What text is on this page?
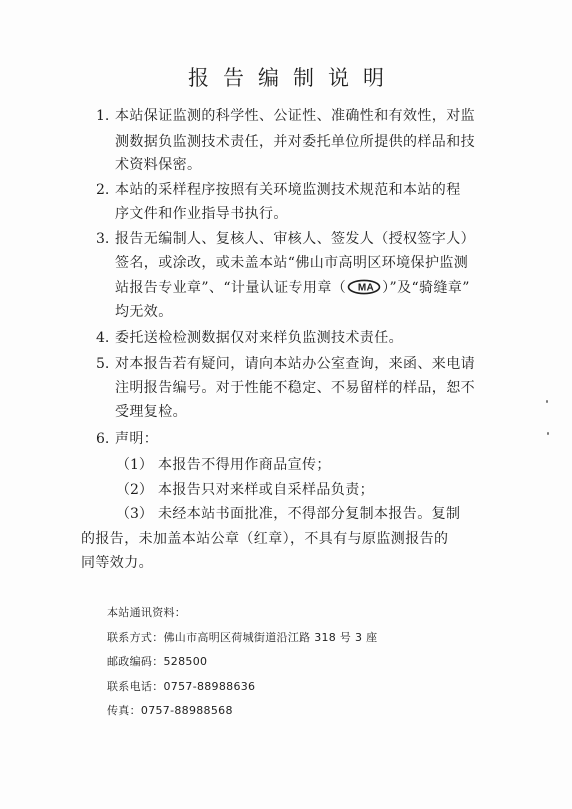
报告编制说明
1. 本站保证监测的科学性、公证性、准确性和有效性，对监
测数据负监测技术责任，并对委托单位所提供的样品和技
术资料保密。
2. 本站的采样程序按照有关环境监测技术规范和本站的程
序文件和作业指导书执行。
3. 报告无编制人、复核人、审核人、签发人（授权签字人）
签名，或涂改，或未盖本站“佛山市高明区环境保护监测
站报告专业章”、“计量认证专用章（ MA ）”及“骑缝章”
均无效。
4. 委托送检检测数据仅对来样负监测技术责任。
5. 对本报告若有疑问，请向本站办公室查询，来函、来电请
注明报告编号。对于性能不稳定、不易留样的样品，恕不
受理复检。
6. 声明：
（1） 本报告不得用作商品宣传；
（2） 本报告只对来样或自采样品负责；
（3） 未经本站书面批准，不得部分复制本报告。复制
的报告，未加盖本站公章（红章），不具有与原监测报告的
同等效力。
本站通讯资料：
联系方式：佛山市高明区荷城街道沿江路 318 号 3 座
邮政编码：528500
联系电话：0757-88988636
传真：0757-88988568
